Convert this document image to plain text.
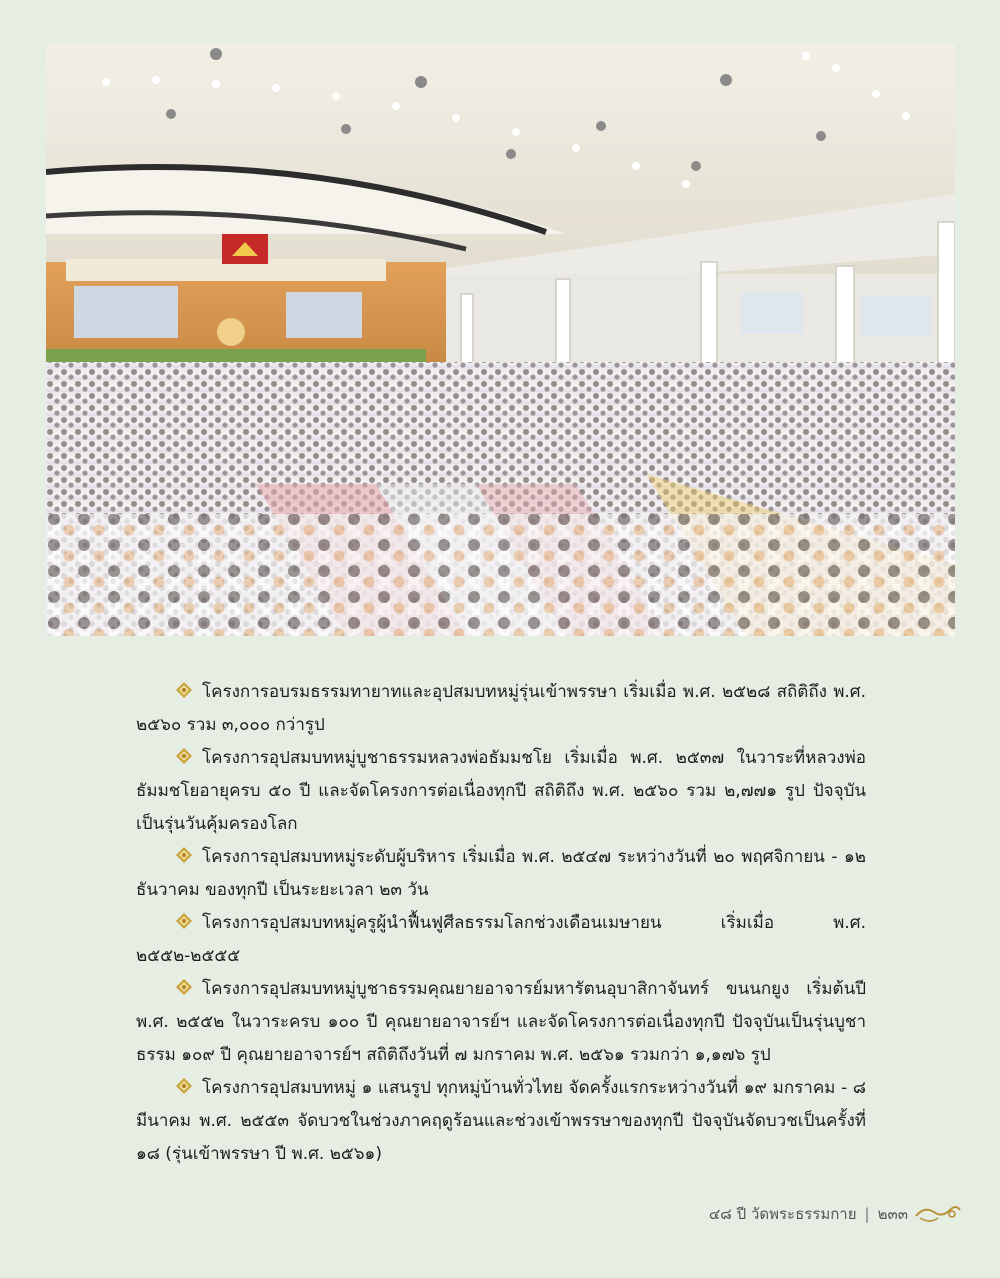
โครงการอบรมธรรมทายาทและอุปสมบทหมู่รุ่นเข้าพรรษา เริ่มเมื่อ พ.ศ. ๒๕๒๘ สถิติถึง พ.ศ. ๒๕๖๐ รวม ๓,๐๐๐ กว่ารูป

โครงการอุปสมบทหมู่บูชาธรรมหลวงพ่อธัมมชโย เริ่มเมื่อ พ.ศ. ๒๕๓๗ ในวาระที่หลวงพ่อธัมมชโยอายุครบ ๕๐ ปี และจัดโครงการต่อเนื่องทุกปี สถิติถึง พ.ศ. ๒๕๖๐ รวม ๒,๗๗๑ รูป ปัจจุบันเป็นรุ่นวันคุ้มครองโลก

โครงการอุปสมบทหมู่ระดับผู้บริหาร เริ่มเมื่อ พ.ศ. ๒๕๔๗ ระหว่างวันที่ ๒๐ พฤศจิกายน - ๑๒ ธันวาคม ของทุกปี เป็นระยะเวลา ๒๓ วัน

โครงการอุปสมบทหมู่ครูผู้นำฟื้นฟูศีลธรรมโลกช่วงเดือนเมษายน เริ่มเมื่อ พ.ศ. ๒๕๕๒-๒๕๕๕

โครงการอุปสมบทหมู่บูชาธรรมคุณยายอาจารย์มหารัตนอุบาสิกาจันทร์ ขนนกยูง เริ่มต้นปี พ.ศ. ๒๕๕๒ ในวาระครบ ๑๐๐ ปี คุณยายอาจารย์ฯ และจัดโครงการต่อเนื่องทุกปี ปัจจุบันเป็นรุ่นบูชาธรรม ๑๐๙ ปี คุณยายอาจารย์ฯ สถิติถึงวันที่ ๗ มกราคม พ.ศ. ๒๕๖๑ รวมกว่า ๑,๑๗๖ รูป

โครงการอุปสมบทหมู่ ๑ แสนรูป ทุกหมู่บ้านทั่วไทย จัดครั้งแรกระหว่างวันที่ ๑๙ มกราคม - ๘ มีนาคม พ.ศ. ๒๕๕๓ จัดบวชในช่วงภาคฤดูร้อนและช่วงเข้าพรรษาของทุกปี ปัจจุบันจัดบวชเป็นครั้งที่ ๑๘ (รุ่นเข้าพรรษา ปี พ.ศ. ๒๕๖๑)

๔๘ ปี วัดพระธรรมกาย | ๒๓๓
